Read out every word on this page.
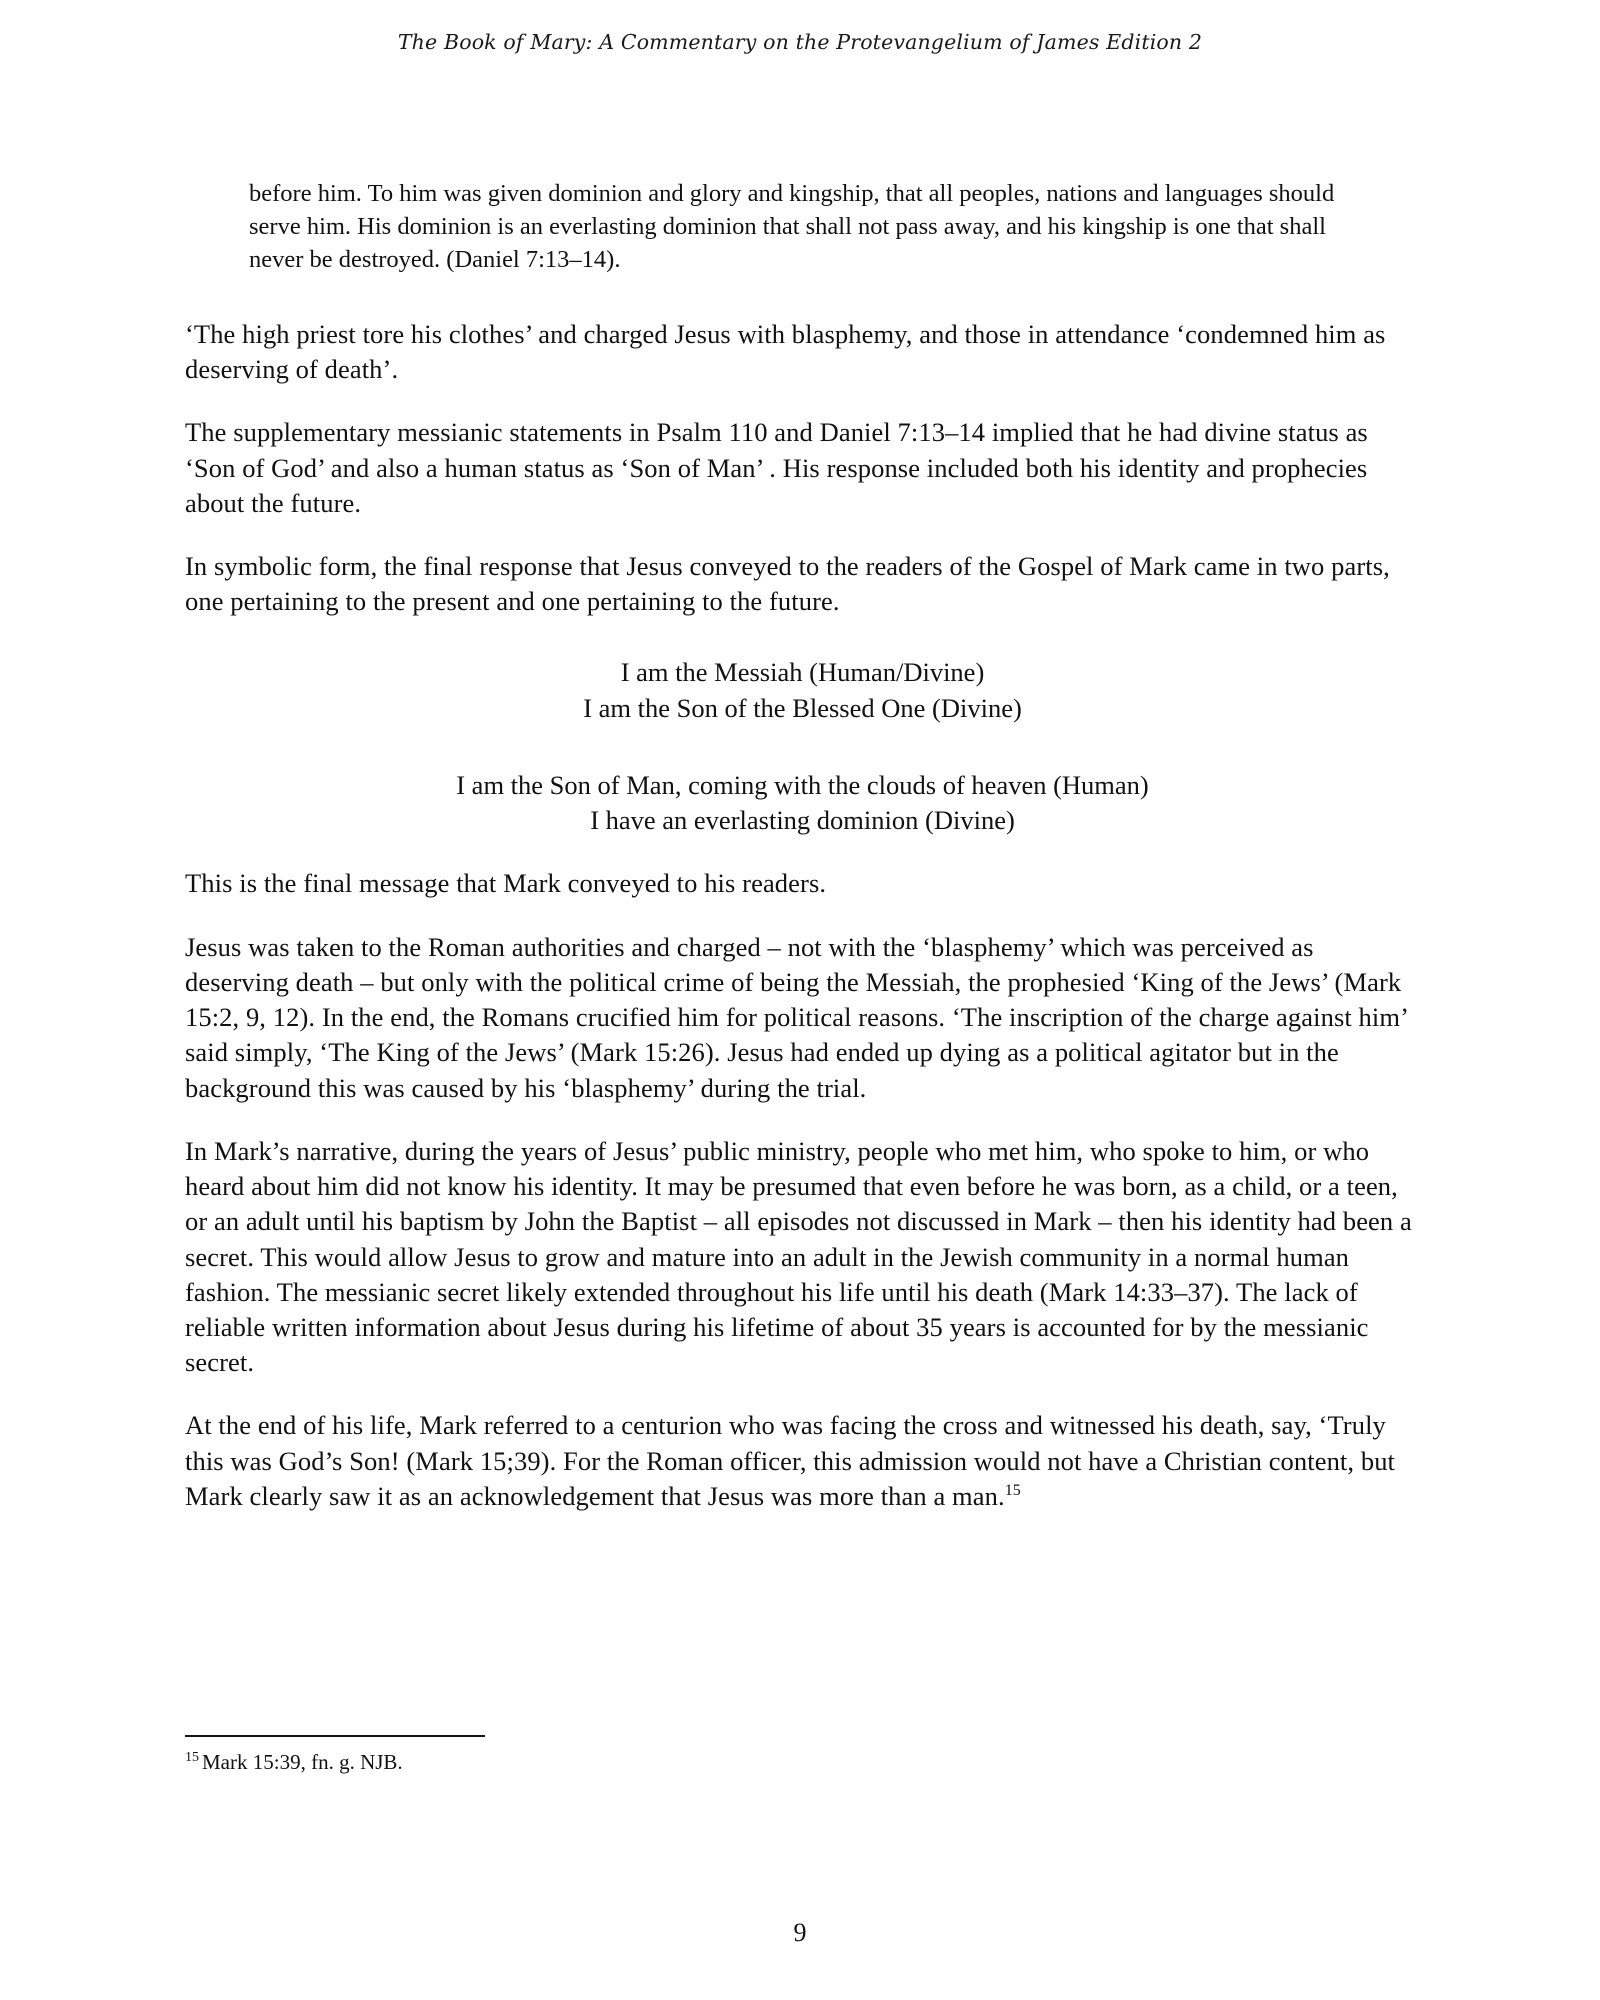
The Book of Mary: A Commentary on the Protevangelium of James Edition 2
before him. To him was given dominion and glory and kingship, that all peoples, nations and languages should serve him. His dominion is an everlasting dominion that shall not pass away, and his kingship is one that shall never be destroyed. (Daniel 7:13–14).

‘The high priest tore his clothes’ and charged Jesus with blasphemy, and those in attendance ‘condemned him as deserving of death’.

The supplementary messianic statements in Psalm 110 and Daniel 7:13–14 implied that he had divine status as ‘Son of God’ and also a human status as ‘Son of Man’ . His response included both his identity and prophecies about the future.

In symbolic form, the final response that Jesus conveyed to the readers of the Gospel of Mark came in two parts, one pertaining to the present and one pertaining to the future.

I am the Messiah (Human/Divine)
I am the Son of the Blessed One (Divine)
I am the Son of Man, coming with the clouds of heaven (Human)
I have an everlasting dominion (Divine)

This is the final message that Mark conveyed to his readers.

Jesus was taken to the Roman authorities and charged – not with the ‘blasphemy’ which was perceived as deserving death – but only with the political crime of being the Messiah, the prophesied ‘King of the Jews’ (Mark 15:2, 9, 12). In the end, the Romans crucified him for political reasons. ‘The inscription of the charge against him’ said simply, ‘The King of the Jews’ (Mark 15:26). Jesus had ended up dying as a political agitator but in the background this was caused by his ‘blasphemy’ during the trial.

In Mark’s narrative, during the years of Jesus’ public ministry, people who met him, who spoke to him, or who heard about him did not know his identity. It may be presumed that even before he was born, as a child, or a teen, or an adult until his baptism by John the Baptist – all episodes not discussed in Mark – then his identity had been a secret. This would allow Jesus to grow and mature into an adult in the Jewish community in a normal human fashion. The messianic secret likely extended throughout his life until his death (Mark 14:33–37). The lack of reliable written information about Jesus during his lifetime of about 35 years is accounted for by the messianic secret.

At the end of his life, Mark referred to a centurion who was facing the cross and witnessed his death, say, ‘Truly this was God’s Son! (Mark 15;39). For the Roman officer, this admission would not have a Christian content, but Mark clearly saw it as an acknowledgement that Jesus was more than a man.$^{15}$

$^{15}$ Mark 15:39, fn. g. NJB.
9
